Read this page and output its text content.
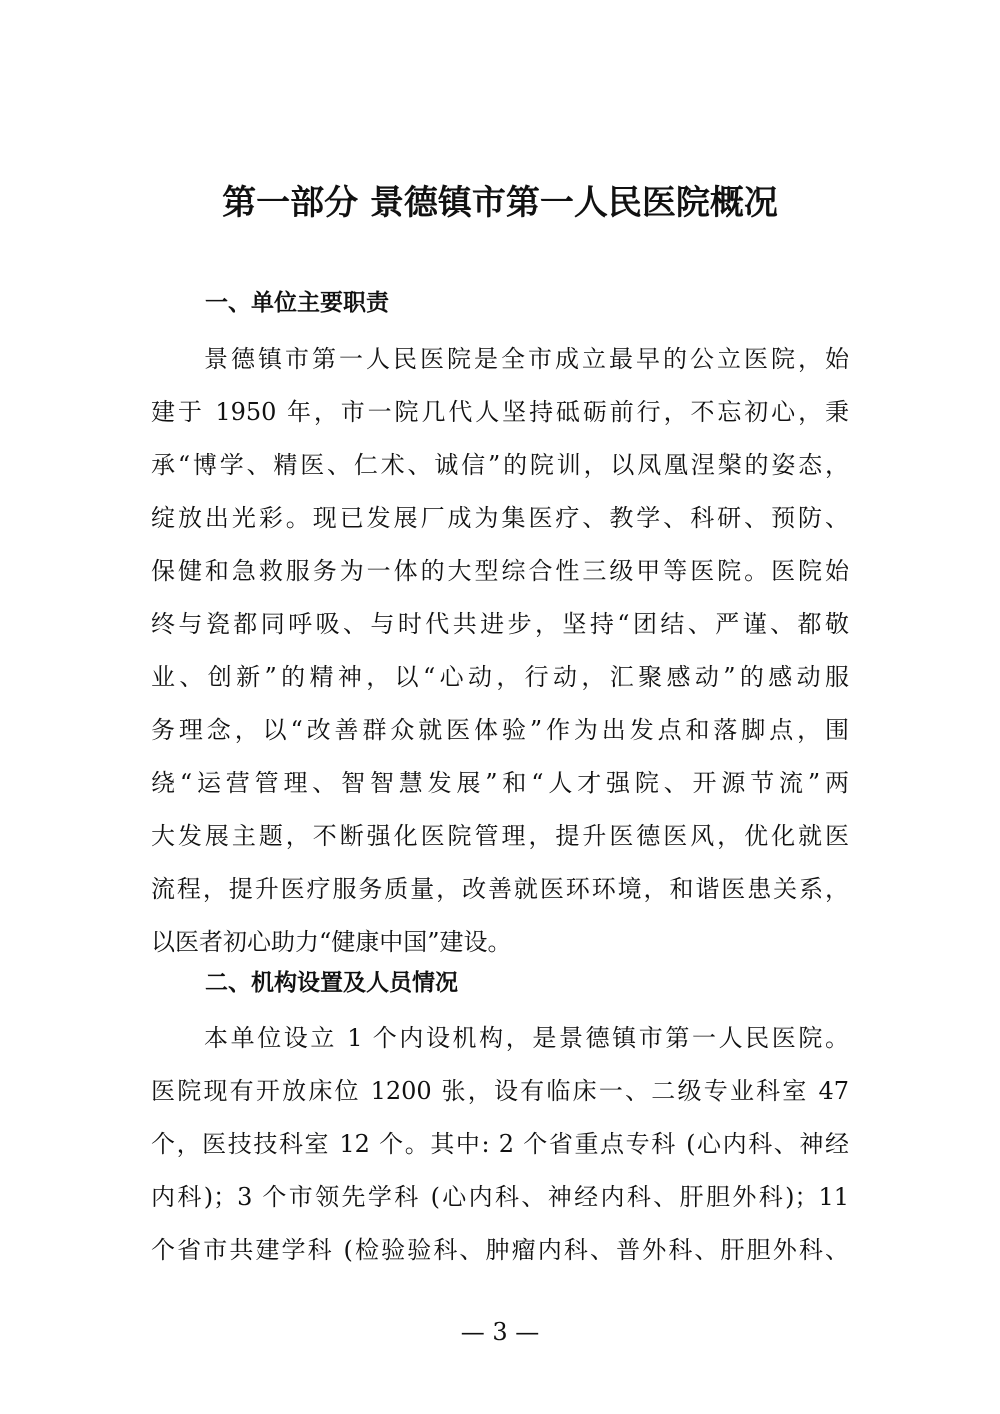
第一部分 景德镇市第一人民医院概况
一、单位主要职责
景德镇市第一人民医院是全市成立最早的公立医院，始
建于 1950 年，市一院几代人坚持砥砺前行，不忘初心，秉
承“博学、精医、仁术、诚信”的院训，以凤凰涅槃的姿态，
绽放出光彩。现已发展厂成为集医疗、教学、科研、预防、
保健和急救服务为一体的大型综合性三级甲等医院。医院始
终与瓷都同呼吸、与时代共进步，坚持“团结、严谨、都敬
业、创新”的精神，以“心动，行动，汇聚感动”的感动服
务理念，以“改善群众就医体验”作为出发点和落脚点，围
绕“运营管理、智智慧发展”和“人才强院、开源节流”两
大发展主题，不断强化医院管理，提升医德医风，优化就医
流程，提升医疗服务质量，改善就医环环境，和谐医患关系，
以医者初心助力“健康中国”建设。
二、机构设置及人员情况
本单位设立 1 个内设机构，是景德镇市第一人民医院。
医院现有开放床位 1200 张，设有临床一、二级专业科室 47
个，医技技科室 12 个。其中: 2 个省重点专科 (心内科、神经
内科)；3 个市领先学科 (心内科、神经内科、肝胆外科)；11
个省市共建学科 (检验验科、肿瘤内科、普外科、肝胆外科、
— 3 —
